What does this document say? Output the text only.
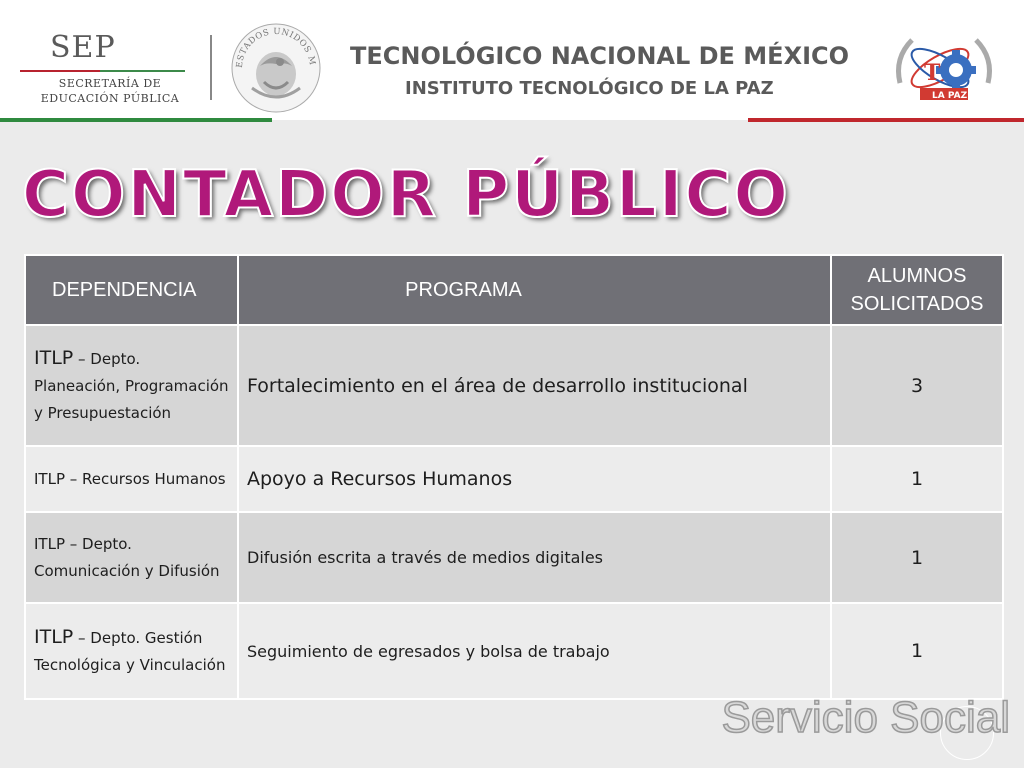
SEP
SECRETARÍA DE
EDUCACIÓN PÚBLICA
ESTADOS UNIDOS M TECNOLÓGICO NACIONAL DE MÉXICO
INSTITUTO TECNOLÓGICO DE LA PAZ
T
LA PAZ
CONTADOR PÚBLICO
DEPENDENCIA	PROGRAMA	ALUMNOS
SOLICITADOS

ITLP – Depto. Planeación, Programación y Presupuestación	Fortalecimiento en el área de desarrollo institucional	3
ITLP – Recursos Humanos	Apoyo a Recursos Humanos	1
ITLP – Depto. Comunicación y Difusión	Difusión escrita a través de medios digitales	1
ITLP – Depto. Gestión Tecnológica y Vinculación	Seguimiento de egresados y bolsa de trabajo	1
Servicio Social
